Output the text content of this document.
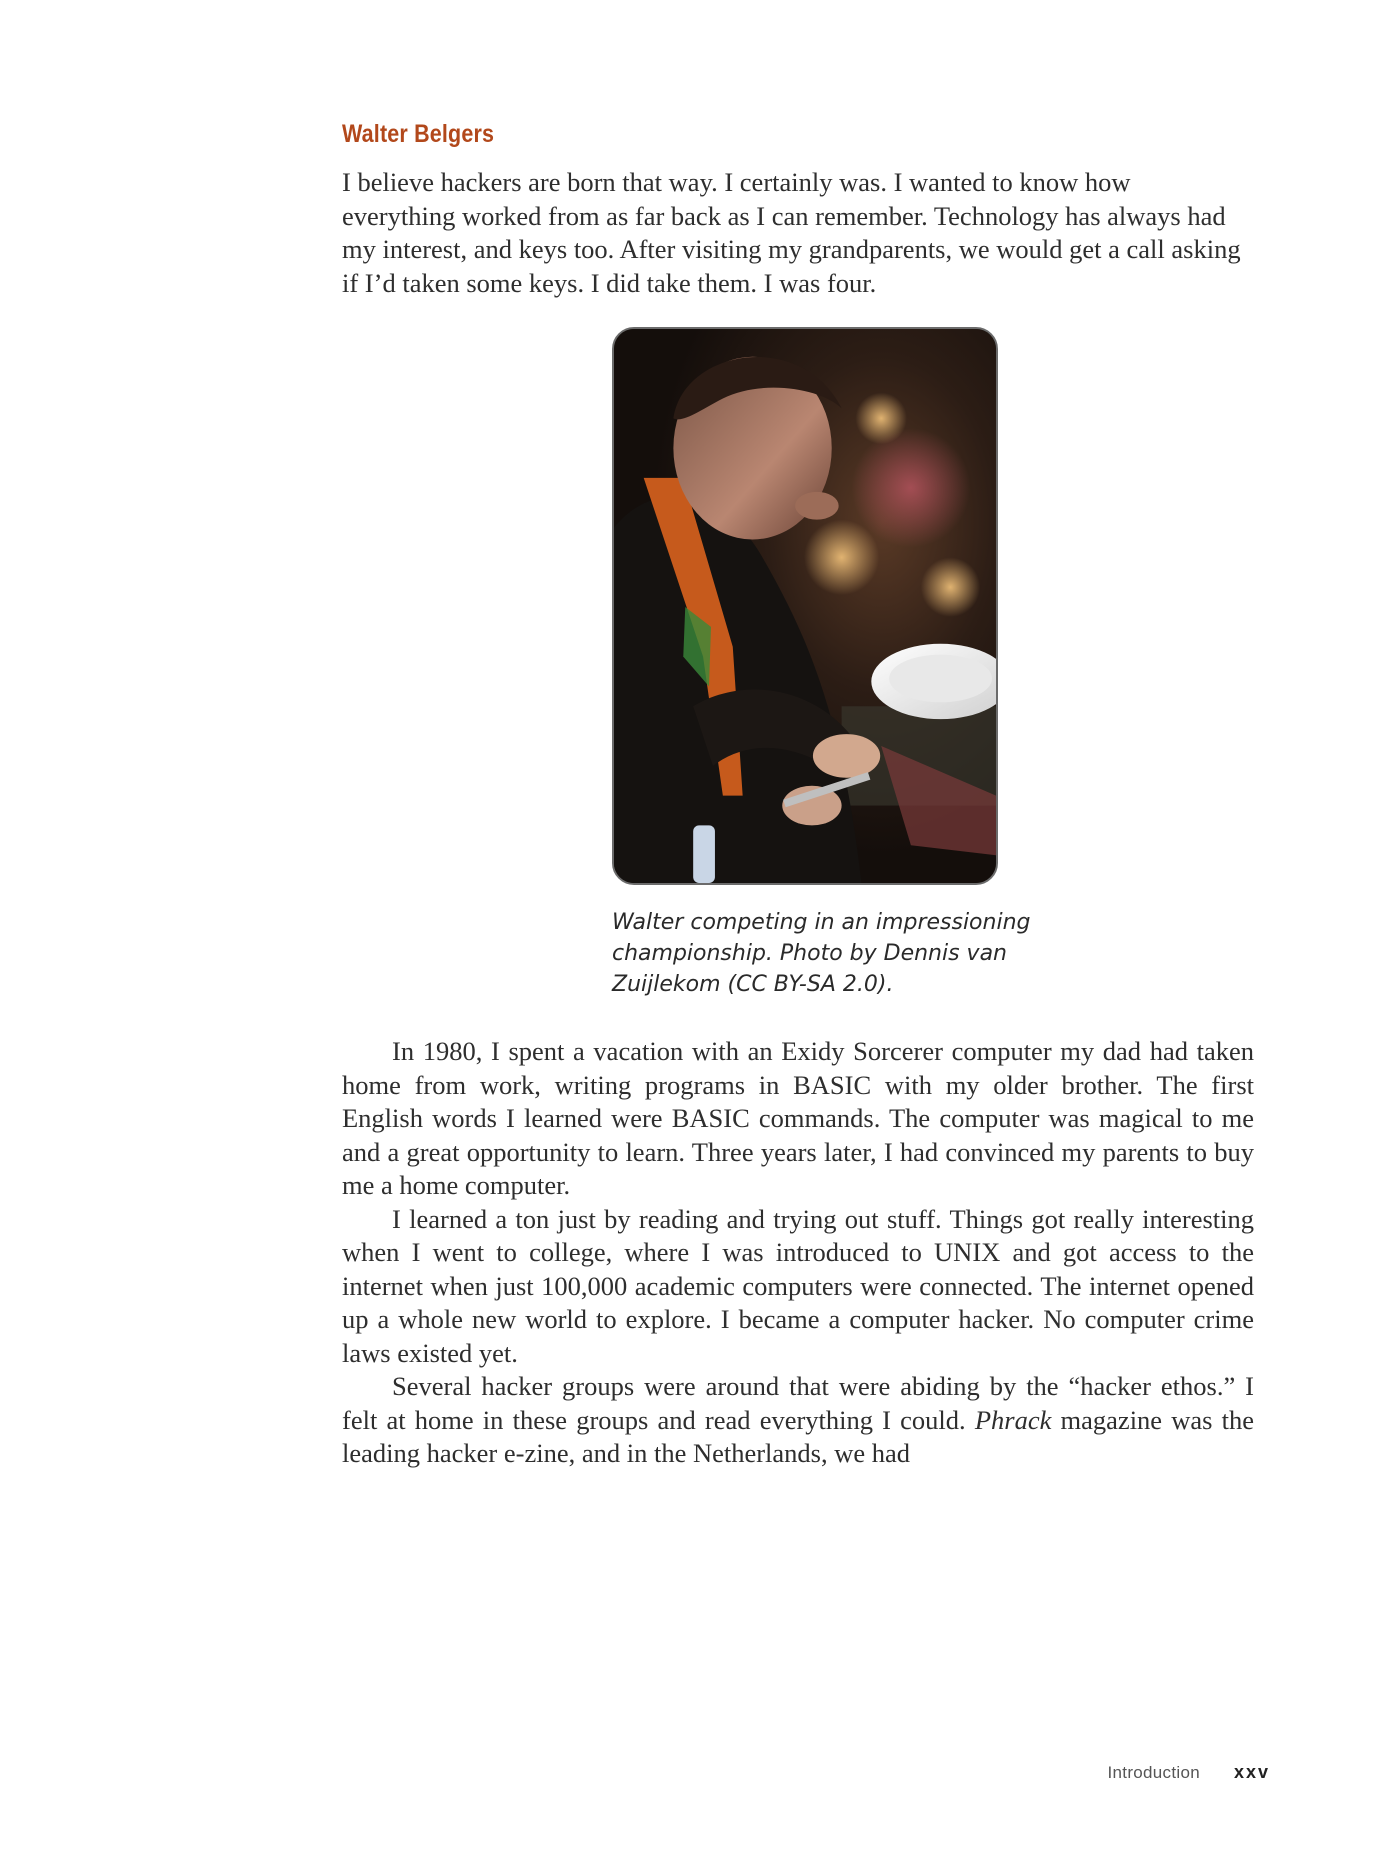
Walter Belgers

I believe hackers are born that way. I certainly was. I wanted to know how everything worked from as far back as I can remember. Technology has always had my interest, and keys too. After visiting my grandparents, we would get a call asking if I’d taken some keys. I did take them. I was four.

Walter competing in an impressioning
championship. Photo by Dennis van
Zuijlekom (CC BY-SA 2.0).

In 1980, I spent a vacation with an Exidy Sorcerer computer my dad had taken home from work, writing programs in BASIC with my older brother. The first English words I learned were BASIC commands. The computer was magical to me and a great opportunity to learn. Three years later, I had convinced my parents to buy me a home computer.

I learned a ton just by reading and trying out stuff. Things got really interesting when I went to college, where I was introduced to UNIX and got access to the internet when just 100,000 academic computers were connected. The internet opened up a whole new world to explore. I became a computer hacker. No computer crime laws existed yet.

Several hacker groups were around that were abiding by the “hacker ethos.” I felt at home in these groups and read everything I could. Phrack magazine was the leading hacker e-zine, and in the Netherlands, we had

Introduction xxv
